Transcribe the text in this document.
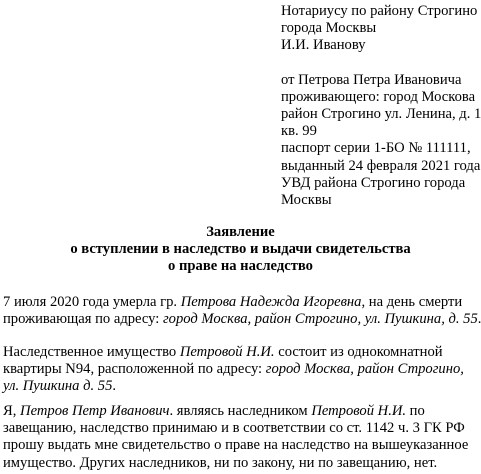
Нотариусу по району Строгино
города Москвы
И.И. Иванову
от Петрова Петра Ивановича
проживающего: город Москова
район Строгино ул. Ленина, д. 1
кв. 99
паспорт серии 1-БО № 111111,
выданный 24 февраля 2021 года
УВД района Строгино города
Москвы
Заявление
о вступлении в наследство и выдачи свидетельства
о праве на наследство
7 июля 2020 года умерла гр. Петрова Надежда Игоревна, на день смерти
проживающая по адресу: город Москва, район Строгино, ул. Пушкина, д. 55
Наследственное имущество Петровой Н.И. состоит из однокомнатной
квартиры N94, расположенной по адресу: город Москва, район Строгино,
ул. Пушкина д. 55.
Я, Петров Петр Иванович. являясь наследником Петровой Н.И. по
завещанию, наследство принимаю и в соответствии со ст. 1142 ч. 3 ГК РФ
прошу выдать мне свидетельство о праве на наследство на вышеуказанное
имущество. Других наследников, ни по закону, ни по завещанию, нет.
